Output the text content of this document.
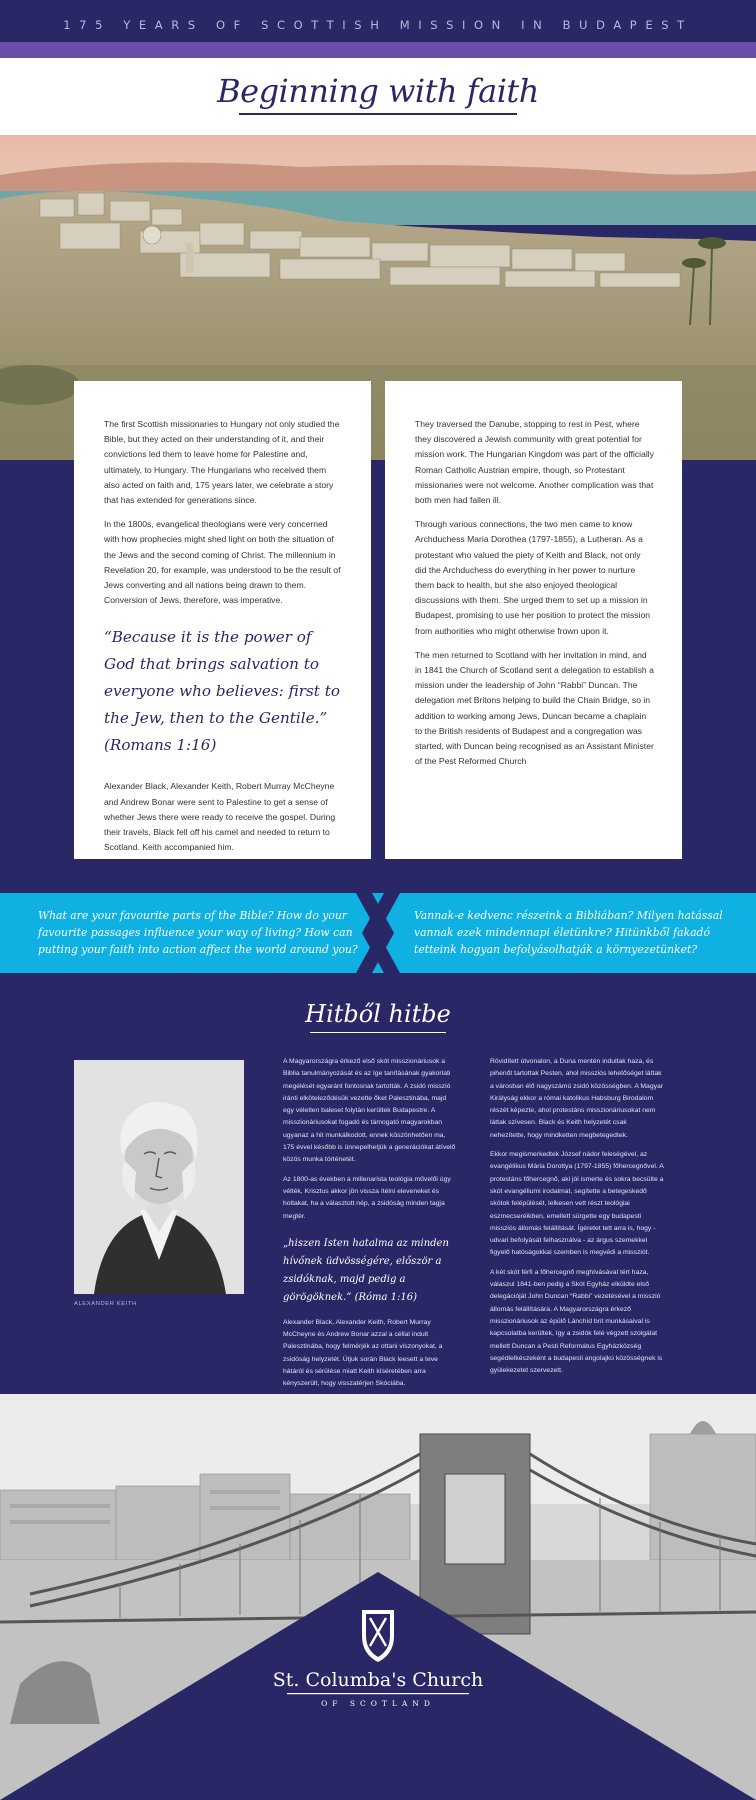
175 YEARS OF SCOTTISH MISSION IN BUDAPEST
Beginning with faith

The first Scottish missionaries to Hungary not only studied the Bible, but they acted on their understanding of it, and their convictions led them to leave home for Palestine and, ultimately, to Hungary. The Hungarians who received them also acted on faith and, 175 years later, we celebrate a story that has extended for generations since.

In the 1800s, evangelical theologians were very concerned with how prophecies might shed light on both the situation of the Jews and the second coming of Christ. The millennium in Revelation 20, for example, was understood to be the result of Jews converting and all nations being drawn to them. Conversion of Jews, therefore, was imperative.

“Because it is the power of God that brings salvation to everyone who believes: first to the Jew, then to the Gentile.” (Romans 1:16)

Alexander Black, Alexander Keith, Robert Murray McCheyne and Andrew Bonar were sent to Palestine to get a sense of whether Jews there were ready to receive the gospel. During their travels, Black fell off his camel and needed to return to Scotland. Keith accompanied him.

They traversed the Danube, stopping to rest in Pest, where they discovered a Jewish community with great potential for mission work. The Hungarian Kingdom was part of the officially Roman Catholic Austrian empire, though, so Protestant missionaries were not welcome. Another complication was that both men had fallen ill.

Through various connections, the two men came to know Archduchess Maria Dorothea (1797-1855), a Lutheran. As a protestant who valued the piety of Keith and Black, not only did the Archduchess do everything in her power to nurture them back to health, but she also enjoyed theological discussions with them. She urged them to set up a mission in Budapest, promising to use her position to protect the mission from authorities who might otherwise frown upon it.

The men returned to Scotland with her invitation in mind, and in 1841 the Church of Scotland sent a delegation to establish a mission under the leadership of John “Rabbi” Duncan. The delegation met Britons helping to build the Chain Bridge, so in addition to working among Jews, Duncan became a chaplain to the British residents of Budapest and a congregation was started, with Duncan being recognised as an Assistant Minister of the Pest Reformed Church

What are your favourite parts of the Bible? How do your favourite passages influence your way of living? How can putting your faith into action affect the world around you?
Vannak-e kedvenc részeink a Bibliában? Milyen hatással vannak ezek mindennapi életünkre? Hitünkből fakadó tetteink hogyan befolyásolhatják a környezetünket?
Hitből hitbe
ALEXANDER KEITH

A Magyarországra érkező első skót misszionáriusok a Biblia tanulmányozását és az Ige tanításának gyakorlati megélését egyaránt fontosnak tartották. A zsidó misszió iránti elköteleződésük vezette őket Palesztinába, majd egy véletlen baleset folytán kerültek Budapestre. A misszionáriusokat fogadó és támogató magyarokban ugyanaz a hit munkálkodott, ennek köszönhetően ma, 175 évvel később is ünnepelhetjük a generációkat átívelő közös munka történetét.

Az 1800-as években a millenarista teológia művelői úgy vélték, Krisztus akkor jön vissza ítélni eleveneket és holtakat, ha a választott nép, a zsidóság minden tagja megtér.

„hiszen Isten hatalma az minden hívőnek üdvösségére, először a zsidóknak, majd pedig a görögöknek.” (Róma 1:16)

Alexander Black, Alexander Keith, Robert Murray McCheyne és Andrew Bonar azzal a céllal indult Palesztinába, hogy felmérjék az ottani viszonyokat, a zsidóság helyzetét. Útjuk során Black leesett a teve hátáról és sérülése miatt Keith kíséretében arra kényszerült, hogy visszatérjen Skóciába.

Rövidített útvonalon, a Duna mentén indultak haza, és pihenőt tartottak Pesten, ahol missziós lehetőséget láttak a városban élő nagyszámú zsidó közösségben. A Magyar Királyság ekkor a római katolikus Habsburg Birodalom részét képezte, ahol protestáns misszionáriusokat nem láttak szívesen. Black és Keith helyzetét csak nehezítette, hogy mindketten megbetegedtek.

Ekkor megismerkedtek József nádor feleségével, az evangélikus Mária Dorottya (1797-1855) főhercegnővel. A protestáns főhercegnő, aki jól ismerte és sokra becsülte a skót evangéliumi irodalmat, segítette a betegeskedő skótok felépülését, lelkesen vett részt teológiai eszmecseréikben, emellett sürgette egy budapesti missziós állomás felállítását. Ígéretet tett arra is, hogy - udvari befolyását felhasználva - az árgus szemekkel figyelő hatóságokkal szemben is megvédi a missziót.

A két skót férfi a főhercegnő meghívásával tért haza, válaszul 1841-ben pedig a Skót Egyház elküldte első delegációját John Duncan “Rabbi” vezetésével a misszió állomás felállítására. A Magyarországra érkező misszionáriusok az épülő Lánchíd brit munkásaival is kapcsolatba kerültek, így a zsidók felé végzett szolgálat mellett Duncan a Pesti Református Egyházközség segédlelkészeként a budapesti angolajkú közösségnek is gyülekezetet szervezett.

St. Columba's Church
OF SCOTLAND
